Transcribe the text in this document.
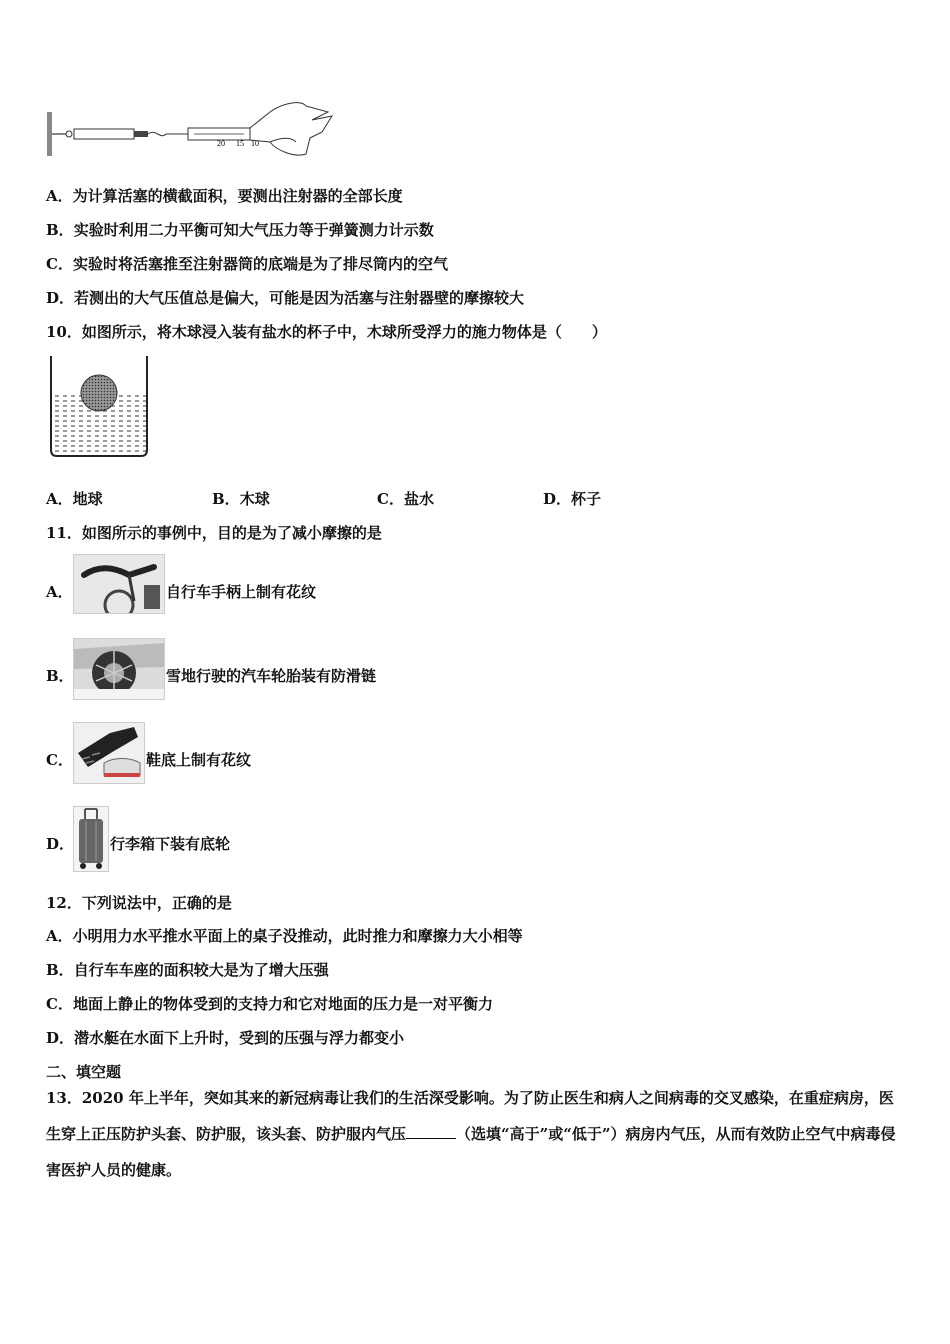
20 15 10
A．为计算活塞的横截面积，要测出注射器的全部长度
B．实验时利用二力平衡可知大气压力等于弹簧测力计示数
C．实验时将活塞推至注射器筒的底端是为了排尽筒内的空气
D．若测出的大气压值总是偏大，可能是因为活塞与注射器壁的摩擦较大
10．如图所示，将木球浸入装有盐水的杯子中，木球所受浮力的施力物体是（　　）
A．地球	B．木球	C．盐水	D．杯子
11．如图所示的事例中，目的是为了减小摩擦的是
A．	自行车手柄上制有花纹
B．	雪地行驶的汽车轮胎装有防滑链
C．	鞋底上制有花纹
D． 行李箱下装有底轮
12．下列说法中，正确的是
A．小明用力水平推水平面上的桌子没推动，此时推力和摩擦力大小相等
B．自行车车座的面积较大是为了增大压强
C．地面上静止的物体受到的支持力和它对地面的压力是一对平衡力
D．潜水艇在水面下上升时，受到的压强与浮力都变小
二、填空题
13．2020 年上半年，突如其来的新冠病毒让我们的生活深受影响。为了防止医生和病人之间病毒的交叉感染，在重症病房，医生穿上正压防护头套、防护服，该头套、防护服内气压	（选填“高于”或“低于”）病房内气压，从而有效防止空气中病毒侵害医护人员的健康。
